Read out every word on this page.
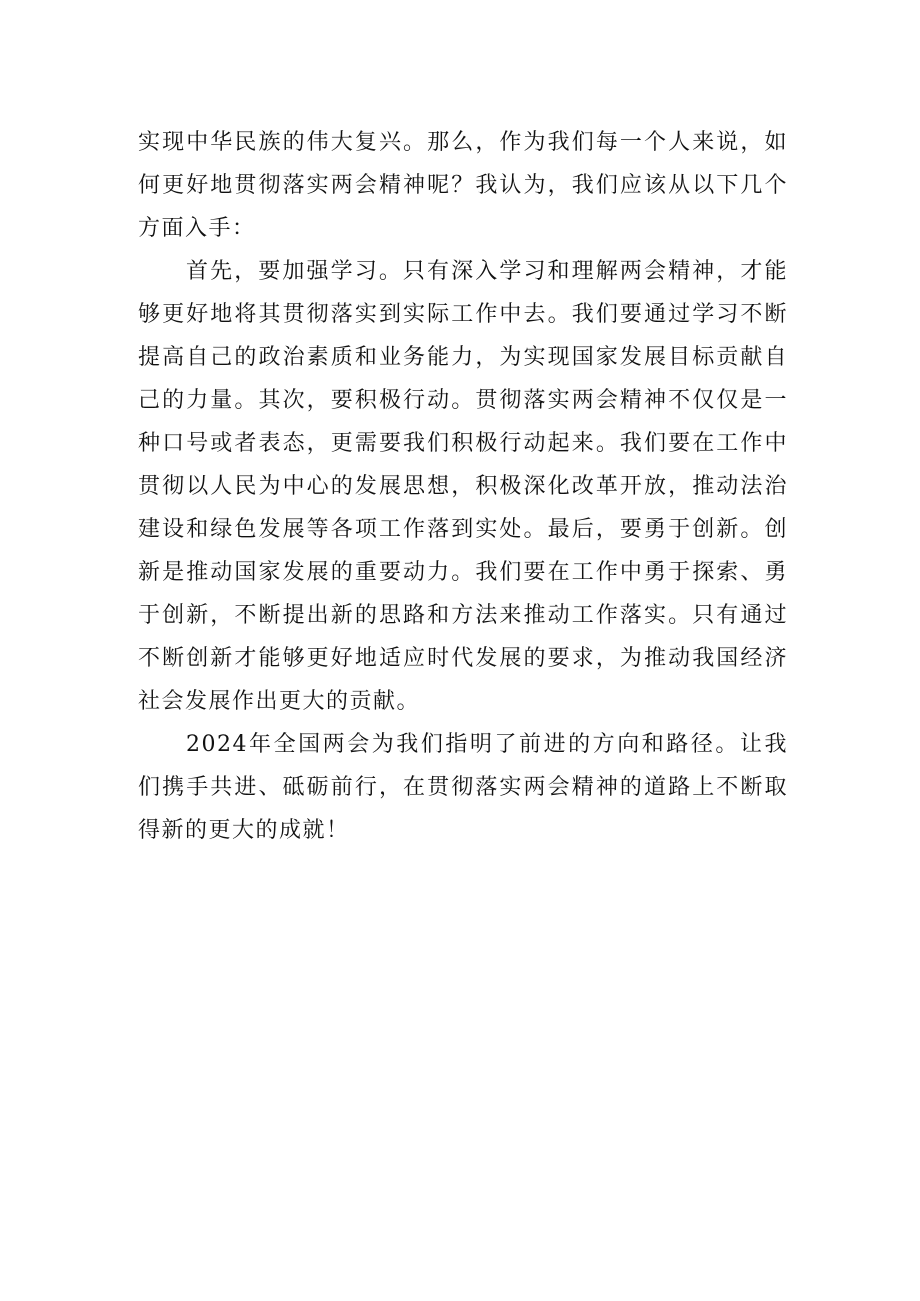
实现中华民族的伟大复兴。那么，作为我们每一个人来说，如何更好地贯彻落实两会精神呢？我认为，我们应该从以下几个方面入手：

首先，要加强学习。只有深入学习和理解两会精神，才能够更好地将其贯彻落实到实际工作中去。我们要通过学习不断提高自己的政治素质和业务能力，为实现国家发展目标贡献自己的力量。其次，要积极行动。贯彻落实两会精神不仅仅是一种口号或者表态，更需要我们积极行动起来。我们要在工作中贯彻以人民为中心的发展思想，积极深化改革开放，推动法治建设和绿色发展等各项工作落到实处。最后，要勇于创新。创新是推动国家发展的重要动力。我们要在工作中勇于探索、勇于创新，不断提出新的思路和方法来推动工作落实。只有通过不断创新才能够更好地适应时代发展的要求，为推动我国经济社会发展作出更大的贡献。

2024年全国两会为我们指明了前进的方向和路径。让我们携手共进、砥砺前行，在贯彻落实两会精神的道路上不断取得新的更大的成就！
